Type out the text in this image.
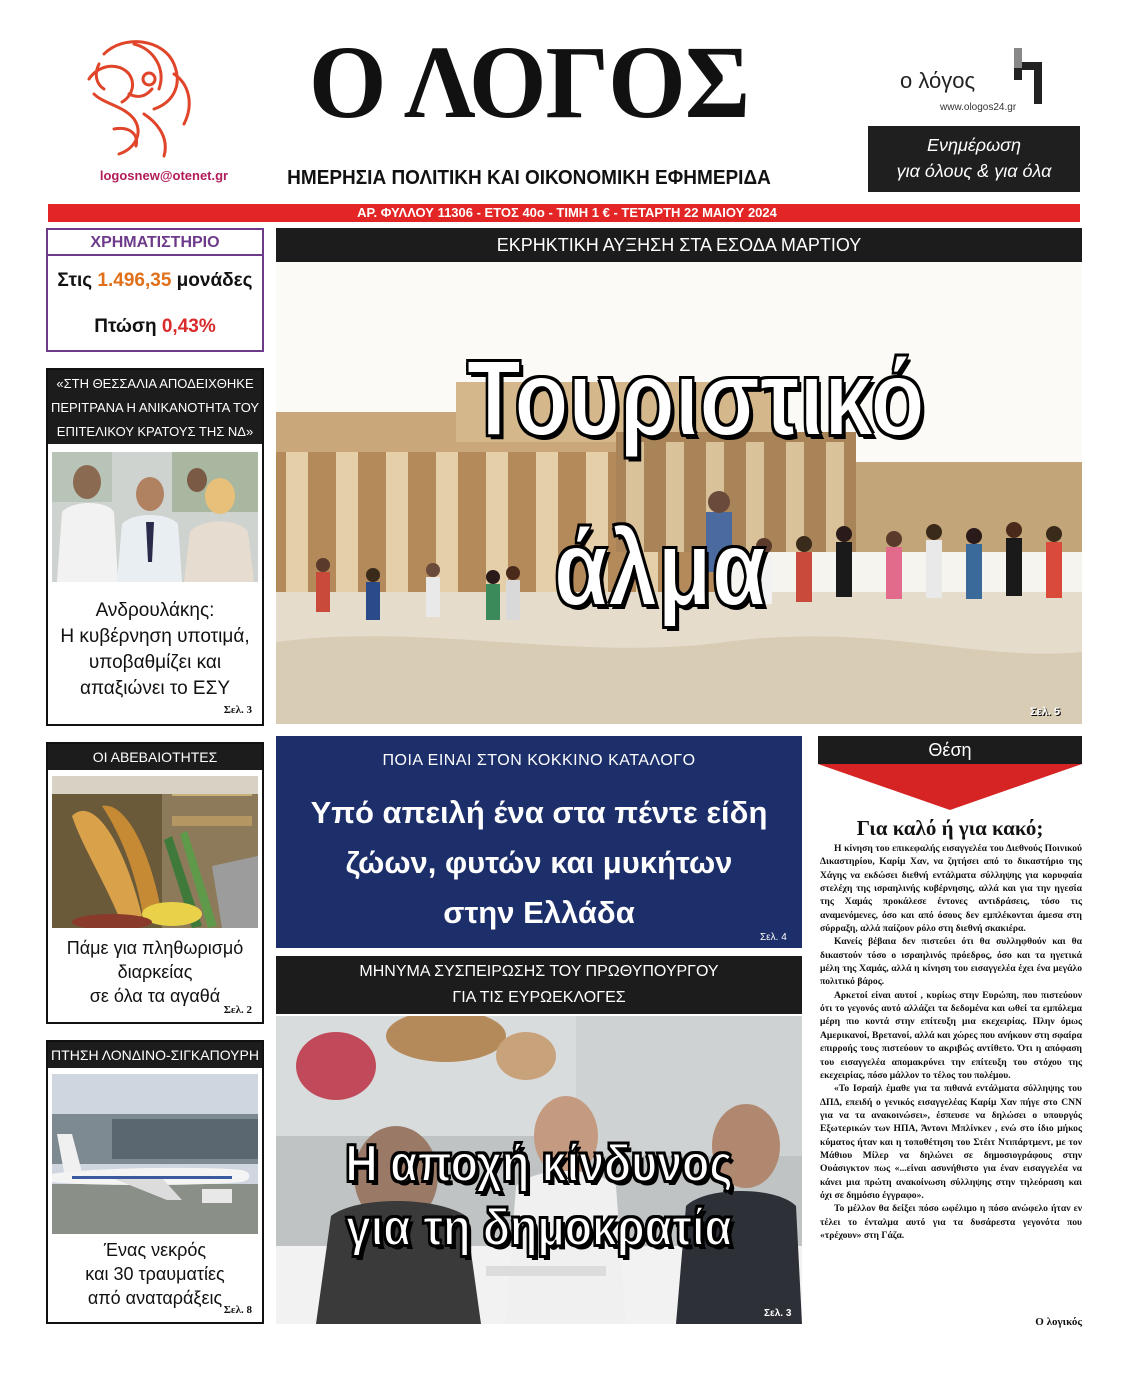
logosnew@otenet.gr
Ο ΛΟΓΟΣ
ΗΜΕΡΗΣΙΑ ΠΟΛΙΤΙΚΗ ΚΑΙ ΟΙΚΟΝΟΜΙΚΗ ΕΦΗΜΕΡΙΔΑ
ο λόγος
www.ologos24.gr
Ενημέρωση
για όλους & για όλα
ΑΡ. ΦΥΛΛΟΥ 11306 - ΕΤΟΣ 40ο - ΤΙΜΗ 1 € - ΤΕΤΑΡΤΗ 22 ΜΑΙΟΥ 2024
ΧΡΗΜΑΤΙΣΤΗΡΙΟ
Στις 1.496,35 μονάδες
Πτώση 0,43%
«ΣΤΗ ΘΕΣΣΑΛΙΑ ΑΠΟΔΕΙΧΘΗΚΕ
ΠΕΡΙΤΡΑΝΑ Η ΑΝΙΚΑΝΟΤΗΤΑ ΤΟΥ
ΕΠΙΤΕΛΙΚΟΥ ΚΡΑΤΟΥΣ ΤΗΣ ΝΔ»
Ανδρουλάκης:
Η κυβέρνηση υποτιμά,
υποβαθμίζει και
απαξιώνει το ΕΣΥ
Σελ. 3
ΟΙ ΑΒΕΒΑΙΟΤΗΤΕΣ
Πάμε για πληθωρισμό
διαρκείας
σε όλα τα αγαθά
Σελ. 2
ΠΤΗΣΗ ΛΟΝΔΙΝΟ-ΣΙΓΚΑΠΟΥΡΗ
Ένας νεκρός
και 30 τραυματίες
από αναταράξεις
Σελ. 8
ΕΚΡΗΚΤΙΚΗ ΑΥΞΗΣΗ ΣΤΑ ΕΣΟΔΑ ΜΑΡΤΙΟΥ
Τουριστικό
άλμα
Σελ. 5
ΠΟΙΑ ΕΙΝΑΙ ΣΤΟΝ ΚΟΚΚΙΝΟ ΚΑΤΑΛΟΓΟ
Υπό απειλή ένα στα πέντε είδη
ζώων, φυτών και μυκήτων
στην Ελλάδα
Σελ. 4
ΜΗΝΥΜΑ ΣΥΣΠΕΙΡΩΣΗΣ ΤΟΥ ΠΡΩΘΥΠΟΥΡΓΟΥ
ΓΙΑ ΤΙΣ ΕΥΡΩΕΚΛΟΓΕΣ
Η αποχή κίνδυνος
για τη δημοκρατία
Σελ. 3
Θέση
Για καλό ή για κακό;

Η κίνηση του επικεφαλής εισαγγελέα του Διεθνούς Ποινικού Δικαστηρίου, Καρίμ Χαν, να ζητήσει από το δικαστήριο της Χάγης να εκδώσει διεθνή εντάλματα σύλληψης για κορυφαία στελέχη της ισραηλινής κυβέρνησης, αλλά και για την ηγεσία της Χαμάς προκάλεσε έντονες αντιδράσεις, τόσο τις αναμενόμενες, όσο και από όσους δεν εμπλέκονται άμεσα στη σύρραξη, αλλά παίζουν ρόλο στη διεθνή σκακιέρα.

Κανείς βέβαια δεν πιστεύει ότι θα συλληφθούν και θα δικαστούν τόσο ο ισραηλινός πρόεδρος, όσο και τα ηγετικά μέλη της Χαμάς, αλλά η κίνηση του εισαγγελέα έχει ένα μεγάλο πολιτικό βάρος.

Αρκετοί είναι αυτοί , κυρίως στην Ευρώπη, που πιστεύουν ότι το γεγονός αυτό αλλάζει τα δεδομένα και ωθεί τα εμπόλεμα μέρη πιο κοντά στην επίτευξη μια εκεχειρίας. Πλην όμως Αμερικανοί, Βρετανοί, αλλά και χώρες που ανήκουν στη σφαίρα επιρροής τους πιστεύουν το ακριβώς αντίθετο. Ότι η απόφαση του εισαγγελέα απομακρύνει την επίτευξη του στόχου της εκεχειρίας, πόσο μάλλον το τέλος του πολέμου.

«Το Ισραήλ έμαθε για τα πιθανά εντάλματα σύλληψης του ΔΠΔ, επειδή ο γενικός εισαγγελέας Καρίμ Χαν πήγε στο CNN για να τα ανακοινώσει», έσπευσε να δηλώσει ο υπουργός Εξωτερικών των ΗΠΑ, Άντονι Μπλίνκεν , ενώ στο ίδιο μήκος κύματος ήταν και η τοποθέτηση του Στέιτ Ντιπάρτμεντ, με τον Μάθιου Μίλερ να δηλώνει σε δημοσιογράφους στην Ουάσιγκτον πως «...είναι ασυνήθιστο για έναν εισαγγελέα να κάνει μια πρώτη ανακοίνωση σύλληψης στην τηλεόραση και όχι σε δημόσιο έγγραφο».

Το μέλλον θα δείξει πόσο ωφέλιμο η πόσο ανώφελο ήταν εν τέλει το ένταλμα αυτό για τα δυσάρεστα γεγονότα που «τρέχουν» στη Γάζα.

Ο λογικός
